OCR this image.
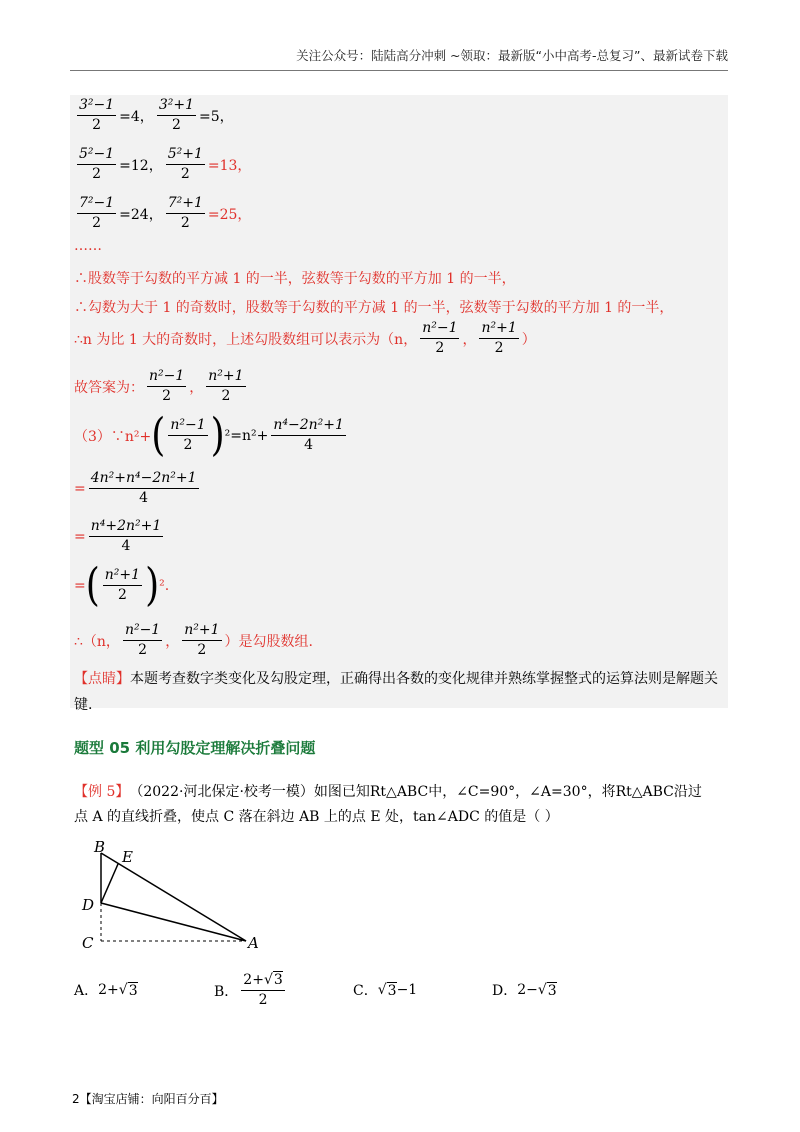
关注公众号：陆陆高分冲刺 ~领取：最新版“小中高考-总复习”、最新试卷下载
$\frac{\text{3²−1}}{2} =4$， $\frac{\text{3²+1}}{2} =5$，
$\frac{\text{5²−1}}{2} =12$， $\frac{\text{5²+1}}{2} =13$，
$\frac{\text{7²−1}}{2} =24$， $\frac{\text{7²+1}}{2} =25$，
……
∴股数等于勾数的平方减 1 的一半，弦数等于勾数的平方加 1 的一半，
∴勾数为大于 1 的奇数时，股数等于勾数的平方减 1 的一半，弦数等于勾数的平方加 1 的一半，
∴n 为比 1 大的奇数时，上述勾股数组可以表示为（n， $\frac{\text{n²−1}}{2}$ ， $\frac{\text{n²+1}}{2}$ ）
故答案为： $\frac{\text{n²−1}}{2}$ ， $\frac{\text{n²+1}}{2}$
（3）∵n²+ ( $\frac{\text{n²−1}}{2}$ ) $^2=n^2+ \frac{\text{n⁴−2n²+1}}{4}$
= $\frac{\text{4n²+n⁴−2n²+1}}{4}$
= $\frac{\text{n⁴+2n²+1}}{4}$
= ( $\frac{\text{n²+1}}{2}$ ) ².
∴（n， $\frac{\text{n²−1}}{2}$ ， $\frac{\text{n²+1}}{2}$ ）是勾股数组.
【点睛】 本题考查数字类变化及勾股定理，正确得出各数的变化规律并熟练掌握整式的运算法则是解题关
键.
题型 05 利用勾股定理解决折叠问题
【例 5】 （2022·河北保定·校考一模）如图已知Rt△ABC中，∠C=90°，∠A=30°，将Rt△ABC沿过
点 A 的直线折叠，使点 C 落在斜边 AB 上的点 E 处，tan∠ADC 的值是（ ）
B
E
D
C	A
A． 2+ √ 3	B． $\frac{2+√3}{2}$	C． √ 3 −1	D． 2− √ 3
2【淘宝店铺：向阳百分百】
